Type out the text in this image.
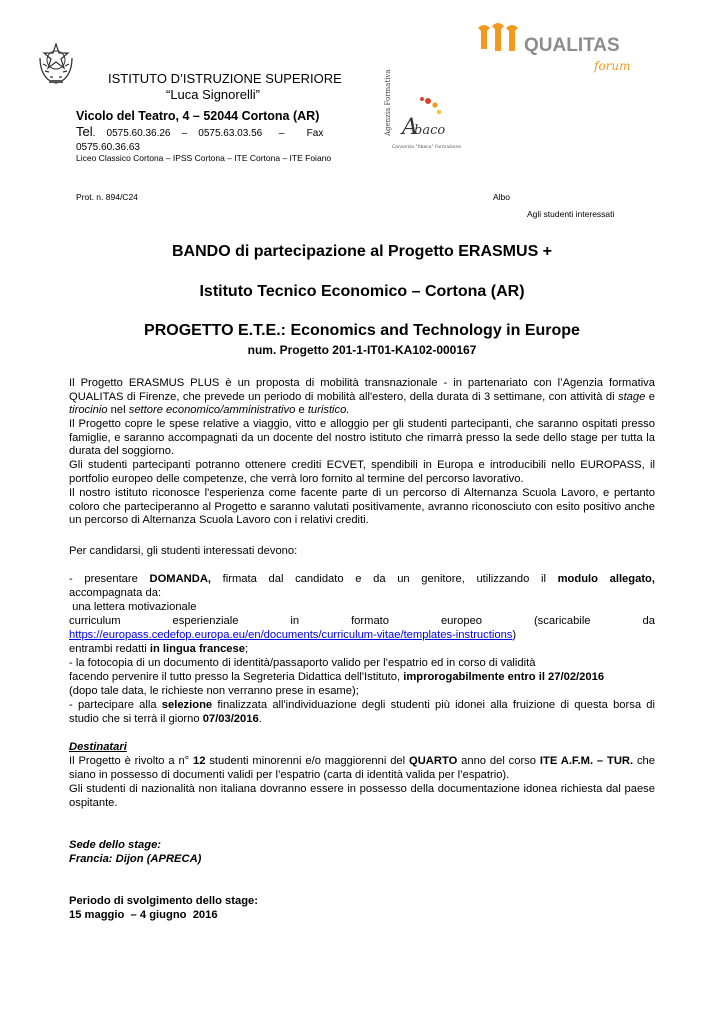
QUALITAS
forum
Agenzia Formativa A
baco
Consorzio "Abaco" Formazione
ISTITUTO D’ISTRUZIONE SUPERIORE
“Luca Signorelli”
Vicolo del Teatro, 4 – 52044 Cortona (AR)
Tel.    0575.60.36.26    –    0575.63.03.56      –        Fax
0575.60.36.63
Liceo Classico Cortona – IPSS Cortona – ITE Cortona – ITE Foiano
Prot. n. 894/C24	Albo
Agli studenti interessati
BANDO di partecipazione al Progetto ERASMUS +
Istituto Tecnico Economico – Cortona (AR)
PROGETTO E.T.E.: Economics and Technology in Europe
num. Progetto 201-1-IT01-KA102-000167
Il Progetto ERASMUS PLUS è un proposta di mobilità transnazionale - in partenariato con l’Agenzia formativa QUALITAS di Firenze, che prevede un periodo di mobilità all'estero, della durata di 3 settimane, con attività di stage e tirocinio nel settore economico/amministrativo e turistico.
Il Progetto copre le spese relative a viaggio, vitto e alloggio per gli studenti partecipanti, che saranno ospitati presso famiglie, e saranno accompagnati da un docente del nostro istituto che rimarrà presso la sede dello stage per tutta la durata del soggiorno.
Gli studenti partecipanti potranno ottenere crediti ECVET, spendibili in Europa e introducibili nello EUROPASS, il portfolio europeo delle competenze, che verrà loro fornito al termine del percorso lavorativo.
Il nostro istituto riconosce l'esperienza come facente parte di un percorso di Alternanza Scuola Lavoro, e pertanto coloro che parteciperanno al Progetto e saranno valutati positivamente, avranno riconosciuto con esito positivo anche un percorso di Alternanza Scuola Lavoro con i relativi crediti.
Per candidarsi, gli studenti interessati devono:
- presentare DOMANDA, firmata dal candidato e da un genitore, utilizzando il modulo allegato,
accompagnata da:
una lettera motivazionale
curriculum	esperienziale	in	formato	europeo	(scaricabile	da
https://europass.cedefop.europa.eu/en/documents/curriculum-vitae/templates-instructions)
entrambi redatti in lingua francese;
- la fotocopia di un documento di identità/passaporto valido per l’espatrio ed in corso di validità
facendo pervenire il tutto presso la Segreteria Didattica dell'Istituto, improrogabilmente entro il 27/02/2016
(dopo tale data, le richieste non verranno prese in esame);
- partecipare alla selezione finalizzata all'individuazione degli studenti più idonei alla fruizione di questa borsa di studio che si terrà il giorno 07/03/2016.
Destinatari
Il Progetto è rivolto a n° 12 studenti minorenni e/o maggiorenni del QUARTO anno del corso ITE A.F.M. – TUR. che siano in possesso di documenti validi per l’espatrio (carta di identità valida per l’espatrio).
Gli studenti di nazionalità non italiana dovranno essere in possesso della documentazione idonea richiesta dal paese ospitante.
Sede dello stage:
Francia: Dijon (APRECA)
Periodo di svolgimento dello stage:
15 maggio  – 4 giugno  2016
